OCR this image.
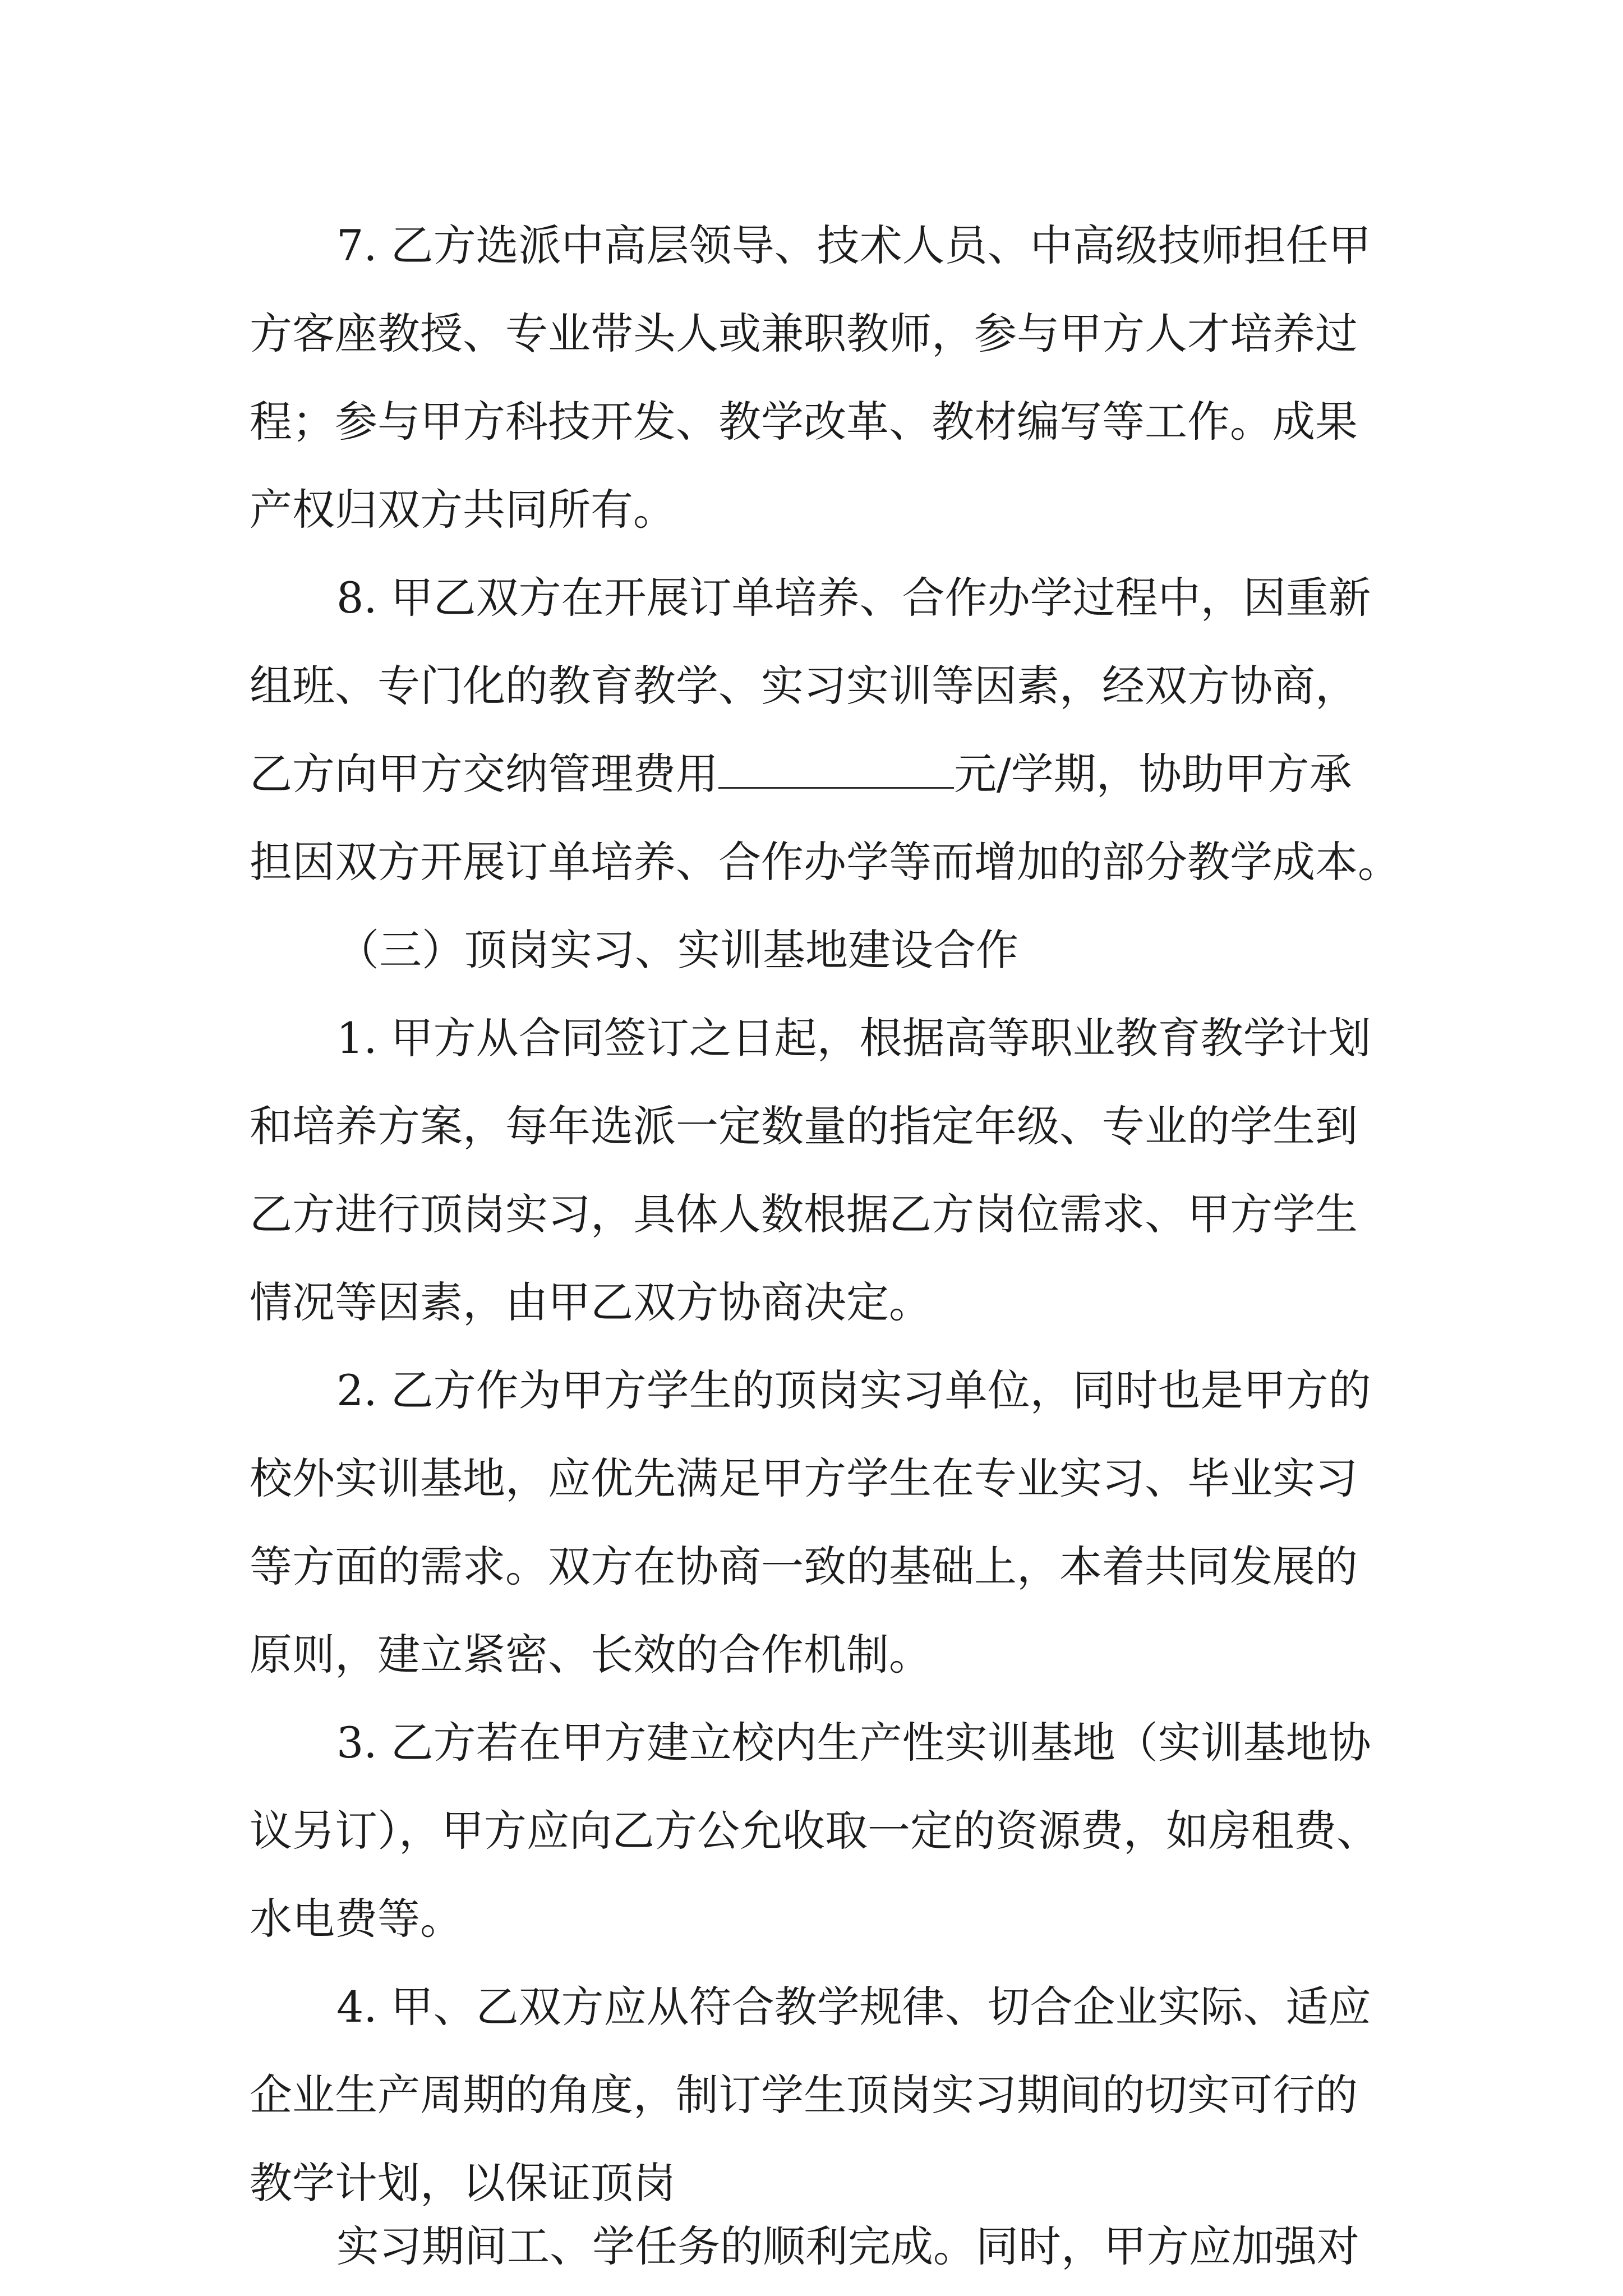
7. 乙方选派中高层领导、技术人员、中高级技师担任甲
方客座教授、专业带头人或兼职教师，参与甲方人才培养过
程；参与甲方科技开发、教学改革、教材编写等工作。成果
产权归双方共同所有。
8. 甲乙双方在开展订单培养、合作办学过程中，因重新
组班、专门化的教育教学、实习实训等因素，经双方协商，
乙方向甲方交纳管理费用	元/学期，协助甲方承
担因双方开展订单培养、合作办学等而增加的部分教学成本。
（三）顶岗实习、实训基地建设合作
1. 甲方从合同签订之日起，根据高等职业教育教学计划
和培养方案，每年选派一定数量的指定年级、专业的学生到
乙方进行顶岗实习，具体人数根据乙方岗位需求、甲方学生
情况等因素，由甲乙双方协商决定。
2. 乙方作为甲方学生的顶岗实习单位，同时也是甲方的
校外实训基地，应优先满足甲方学生在专业实习、毕业实习
等方面的需求。双方在协商一致的基础上，本着共同发展的
原则，建立紧密、长效的合作机制。
3. 乙方若在甲方建立校内生产性实训基地（实训基地协
议另订），甲方应向乙方公允收取一定的资源费，如房租费、
水电费等。
4. 甲、乙双方应从符合教学规律、切合企业实际、适应
企业生产周期的角度，制订学生顶岗实习期间的切实可行的
教学计划，以保证顶岗
实习期间工、学任务的顺利完成。同时，甲方应加强对
